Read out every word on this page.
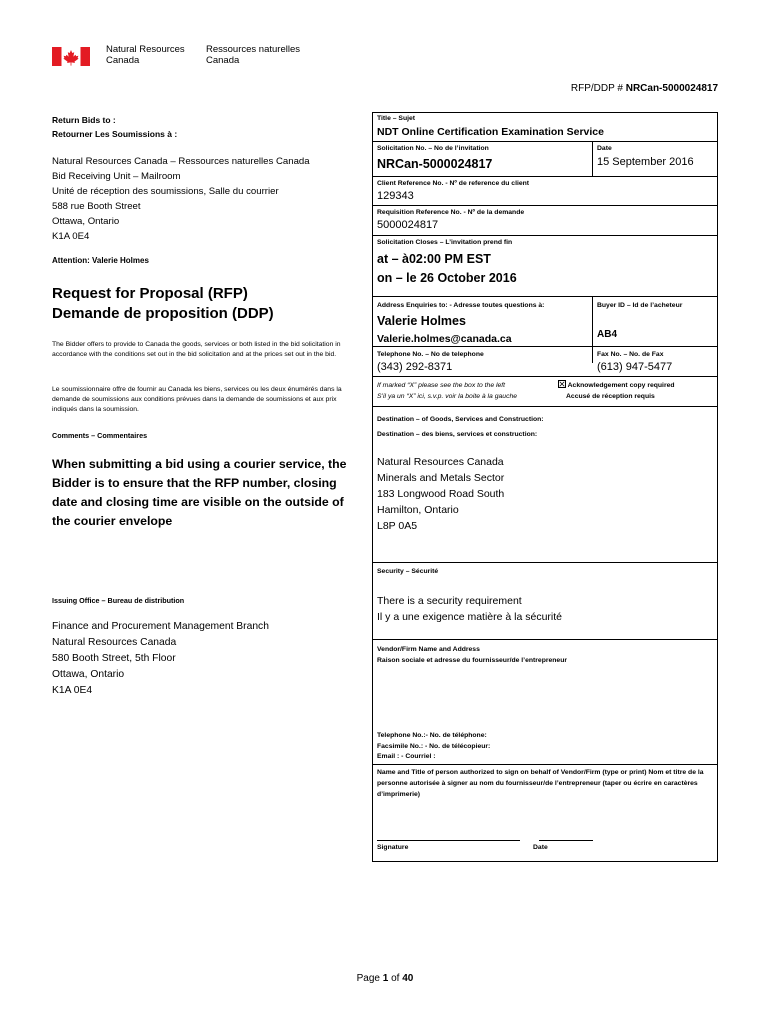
Natural Resources
Canada
Ressources naturelles
Canada
RFP/DDP # NRCan-5000024817
Return Bids to :
Retourner Les Soumissions à :
Natural Resources Canada – Ressources naturelles Canada
Bid Receiving Unit – Mailroom
Unité de réception des soumissions, Salle du courrier
588 rue Booth Street
Ottawa, Ontario
K1A 0E4
Attention: Valerie Holmes
Request for Proposal (RFP)
Demande de proposition (DDP)
The Bidder offers to provide to Canada the goods, services or both listed in the bid solicitation in accordance with the conditions set out in the bid solicitation and at the prices set out in the bid.
Le soumissionnaire offre de fournir au Canada les biens, services ou les deux énumérés dans la demande de soumissions aux conditions prévues dans la demande de soumissions et aux prix indiqués dans la soumission.
Comments – Commentaires
When submitting a bid using a courier service, the Bidder is to ensure that the RFP number, closing date and closing time are visible on the outside of the courier envelope
Issuing Office – Bureau de distribution
Finance and Procurement Management Branch
Natural Resources Canada
580 Booth Street, 5th Floor
Ottawa, Ontario
K1A 0E4
Title – Sujet
NDT Online Certification Examination Service
Solicitation No. – No de l’invitation
NRCan-5000024817
Date
15 September 2016
Client Reference No. - Nº de reference du client
129343
Requisition Reference No. - Nº de la demande
5000024817
Solicitation Closes – L’invitation prend fin
at – à02:00 PM EST
on – le 26 October 2016
Address Enquiries to: - Adresse toutes questions à:
Valerie Holmes
Valerie.holmes@canada.ca
Buyer ID – Id de l’acheteur
AB4
Telephone No. – No de telephone
(343) 292-8371
Fax No. – No. de Fax
(613) 947-5477
If marked “X” please see the box to the left
S’il ya un “X” ici, s.v.p. voir la boite à la gauche
Acknowledgement copy required
Accusé de réception requis
Destination – of Goods, Services and Construction:
Destination – des biens, services et construction:
Natural Resources Canada
Minerals and Metals Sector
183 Longwood Road South
Hamilton, Ontario
L8P 0A5
Security – Sécurité
There is a security requirement
Il y a une exigence matière à la sécurité
Vendor/Firm Name and Address
Raison sociale et adresse du fournisseur/de l’entrepreneur
Telephone No.:- No. de téléphone:
Facsimile No.: - No. de télécopieur:
Email : - Courriel :
Name and Title of person authorized to sign on behalf of Vendor/Firm (type or print) Nom et titre de la personne autorisée à signer au nom du fournisseur/de l’entrepreneur (taper ou écrire en caractères d’imprimerie)
Signature	Date
Page 1 of 40
